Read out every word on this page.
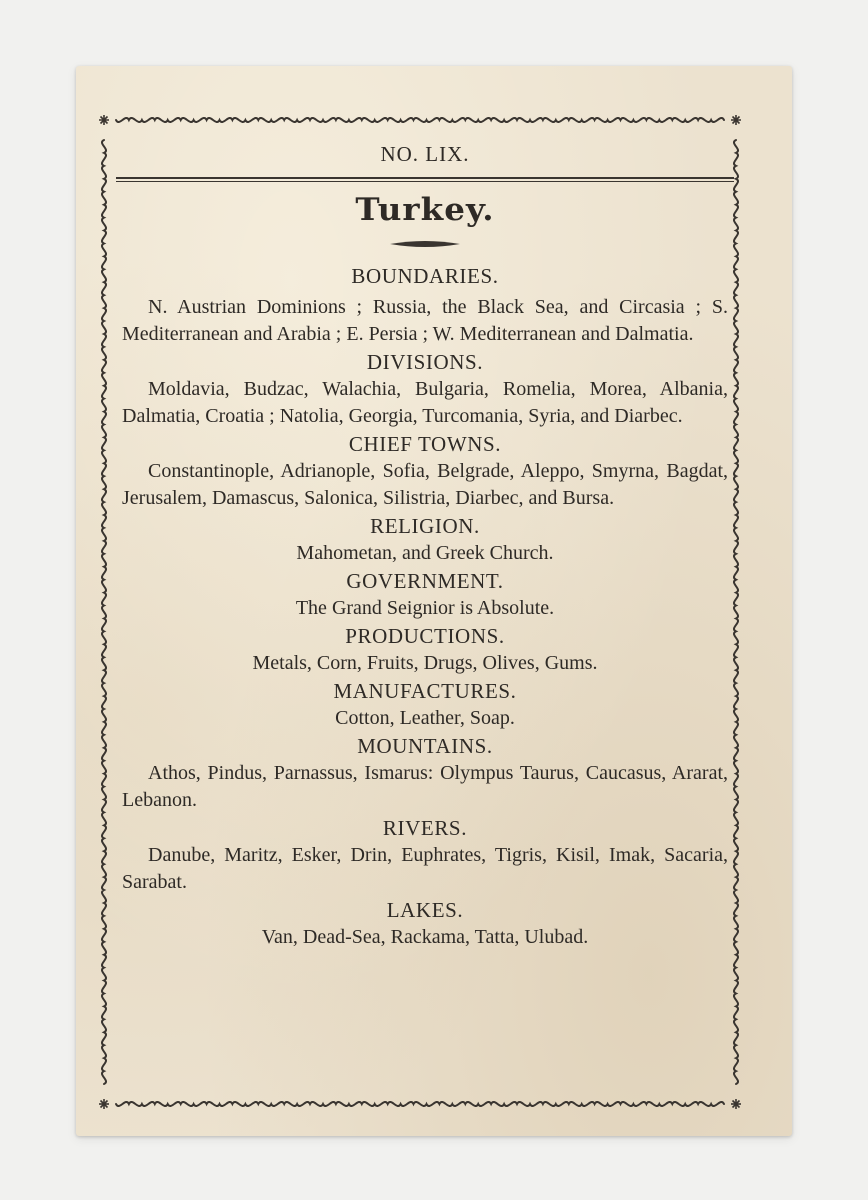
NO. LIX.
Turkey.
BOUNDARIES.
N. Austrian Dominions ; Russia, the Black Sea, and Circasia ; S. Mediterranean and Arabia ; E. Persia ; W. Mediterranean and Dalmatia.
DIVISIONS.
Moldavia, Budzac, Walachia, Bulgaria, Romelia, Morea, Albania, Dalmatia, Croatia ; Natolia, Georgia, Turcomania, Syria, and Diarbec.
CHIEF TOWNS.
Constantinople, Adrianople, Sofia, Belgrade, Aleppo, Smyrna, Bagdat, Jerusalem, Damascus, Salonica, Silistria, Diarbec, and Bursa.
RELIGION.
Mahometan, and Greek Church.
GOVERNMENT.
The Grand Seignior is Absolute.
PRODUCTIONS.
Metals, Corn, Fruits, Drugs, Olives, Gums.
MANUFACTURES.
Cotton, Leather, Soap.
MOUNTAINS.
Athos, Pindus, Parnassus, Ismarus: Olympus Taurus, Caucasus, Ararat, Lebanon.
RIVERS.
Danube, Maritz, Esker, Drin, Euphrates, Tigris, Kisil, Imak, Sacaria, Sarabat.
LAKES.
Van, Dead-Sea, Rackama, Tatta, Ulubad.
